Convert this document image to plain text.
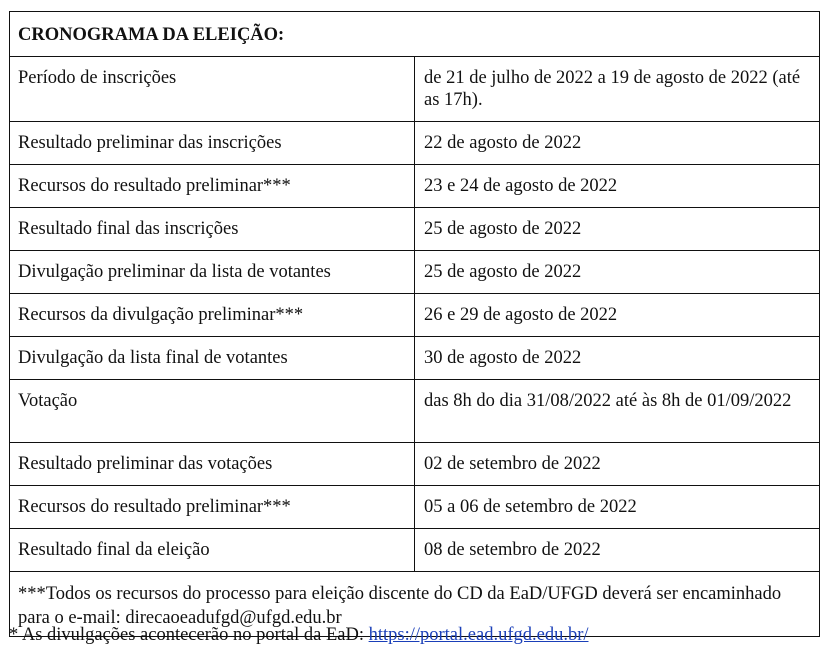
CRONOGRAMA DA ELEIÇÃO:	
Período de inscrições	de 21 de julho de 2022 a 19 de agosto de 2022 (até as 17h).
Resultado preliminar das inscrições	22 de agosto de 2022
Recursos do resultado preliminar***	23 e 24 de agosto de 2022
Resultado final das inscrições	25 de agosto de 2022
Divulgação preliminar da lista de votantes	25 de agosto de 2022
Recursos da divulgação preliminar***	26 e 29 de agosto de 2022
Divulgação da lista final de votantes	30 de agosto de 2022
Votação	das 8h do dia 31/08/2022 até às 8h de 01/09/2022
Resultado preliminar das votações	02 de setembro de 2022
Recursos do resultado preliminar***	05 a 06 de setembro de 2022
Resultado final da eleição	08 de setembro de 2022
***Todos os recursos do processo para eleição discente do CD da EaD/UFGD deverá ser encaminhado para o e-mail: direcaoeadufgd@ufgd.edu.br	
* As divulgações acontecerão no portal da EaD: https://portal.ead.ufgd.edu.br/
